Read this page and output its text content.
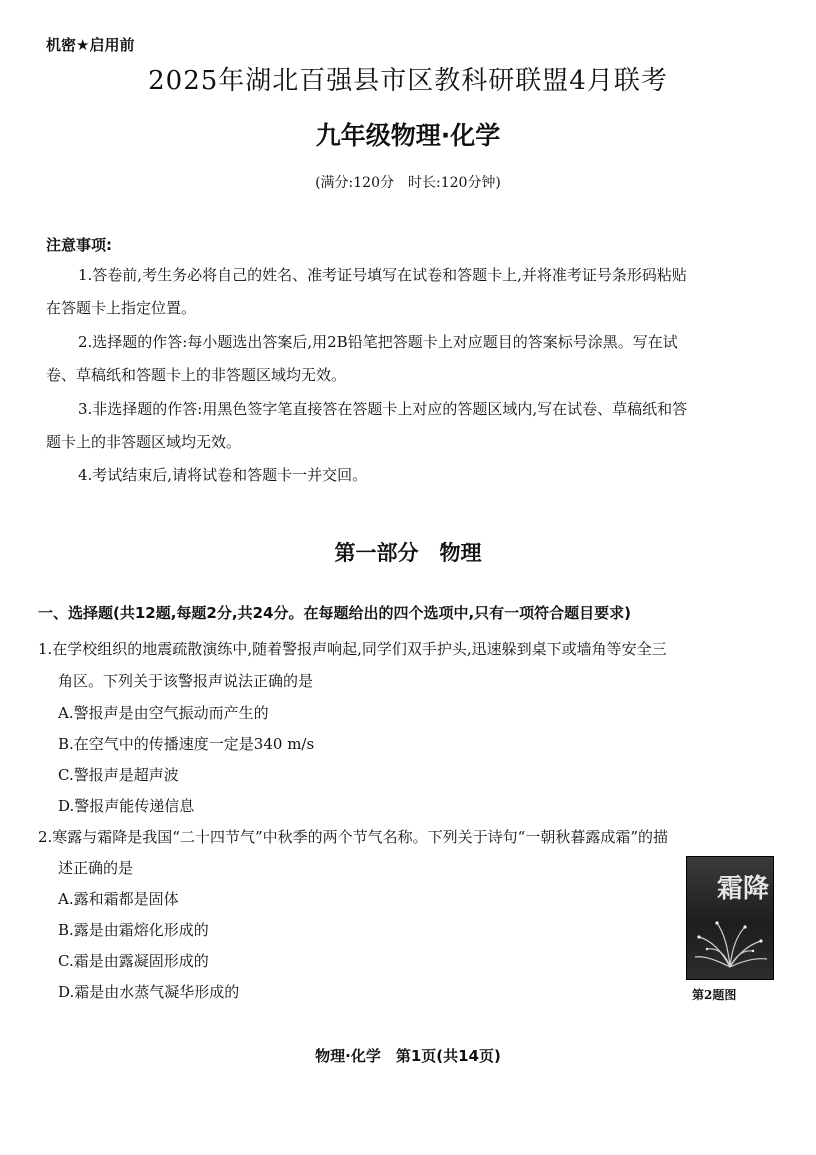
机密★启用前
2025年湖北百强县市区教科研联盟4月联考
九年级物理·化学
(满分:120分　时长:120分钟)
注意事项:
1.答卷前,考生务必将自己的姓名、准考证号填写在试卷和答题卡上,并将准考证号条形码粘贴
在答题卡上指定位置。
2.选择题的作答:每小题选出答案后,用2B铅笔把答题卡上对应题目的答案标号涂黑。写在试
卷、草稿纸和答题卡上的非答题区域均无效。
3.非选择题的作答:用黑色签字笔直接答在答题卡上对应的答题区域内,写在试卷、草稿纸和答
题卡上的非答题区域均无效。
4.考试结束后,请将试卷和答题卡一并交回。
第一部分　物理
一、选择题(共12题,每题2分,共24分。在每题给出的四个选项中,只有一项符合题目要求)
1.在学校组织的地震疏散演练中,随着警报声响起,同学们双手护头,迅速躲到桌下或墙角等安全三
角区。下列关于该警报声说法正确的是
A.警报声是由空气振动而产生的
B.在空气中的传播速度一定是340 m/s
C.警报声是超声波
D.警报声能传递信息
2.寒露与霜降是我国“二十四节气”中秋季的两个节气名称。下列关于诗句“一朝秋暮露成霜”的描
述正确的是
A.露和霜都是固体
B.露是由霜熔化形成的
C.霜是由露凝固形成的
D.霜是由水蒸气凝华形成的
霜降
第2题图
物理·化学　第1页(共14页)
